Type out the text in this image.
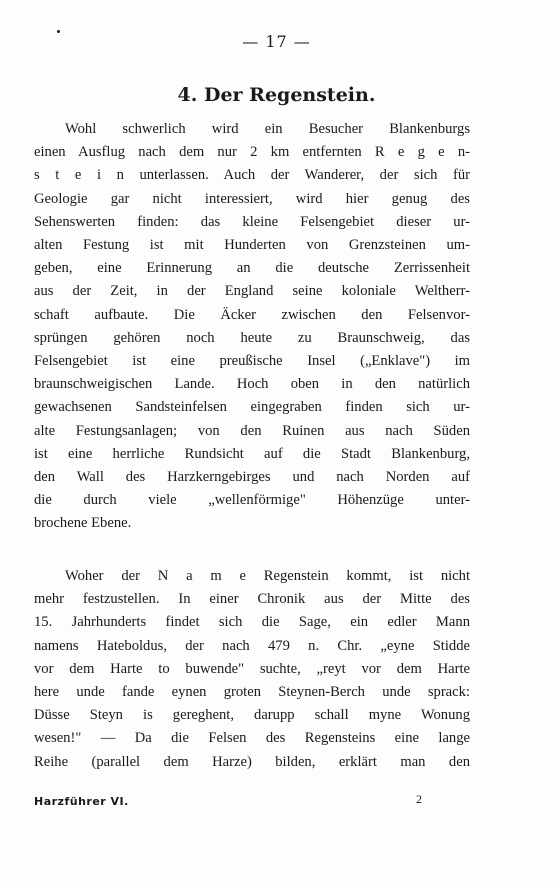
— 17 —
4. Der Regenstein.
Wohl schwerlich wird ein Besucher Blankenburgs
einen Ausflug nach dem nur 2 km entfernten R e g e n-
s t e i n unterlassen. Auch der Wanderer, der sich für
Geologie gar nicht interessiert, wird hier genug des
Sehenswerten finden: das kleine Felsengebiet dieser ur-
alten Festung ist mit Hunderten von Grenzsteinen um-
geben, eine Erinnerung an die deutsche Zerrissenheit
aus der Zeit, in der England seine koloniale Weltherr-
schaft aufbaute. Die Äcker zwischen den Felsenvor-
sprüngen gehören noch heute zu Braunschweig, das
Felsengebiet ist eine preußische Insel („Enklave") im
braunschweigischen Lande. Hoch oben in den natürlich
gewachsenen Sandsteinfelsen eingegraben finden sich ur-
alte Festungsanlagen; von den Ruinen aus nach Süden
ist eine herrliche Rundsicht auf die Stadt Blankenburg,
den Wall des Harzkerngebirges und nach Norden auf
die durch viele „wellenförmige" Höhenzüge unter-
brochene Ebene.
Woher der N a m e Regenstein kommt, ist nicht
mehr festzustellen. In einer Chronik aus der Mitte des
15. Jahrhunderts findet sich die Sage, ein edler Mann
namens Hateboldus, der nach 479 n. Chr. „eyne Stidde
vor dem Harte to buwende" suchte, „reyt vor dem Harte
here unde fande eynen groten Steynen-Berch unde sprack:
Düsse Steyn is gereghent, darupp schall myne Wonung
wesen!" — Da die Felsen des Regensteins eine lange
Reihe (parallel dem Harze) bilden, erklärt man den
Harzführer VI.	2
